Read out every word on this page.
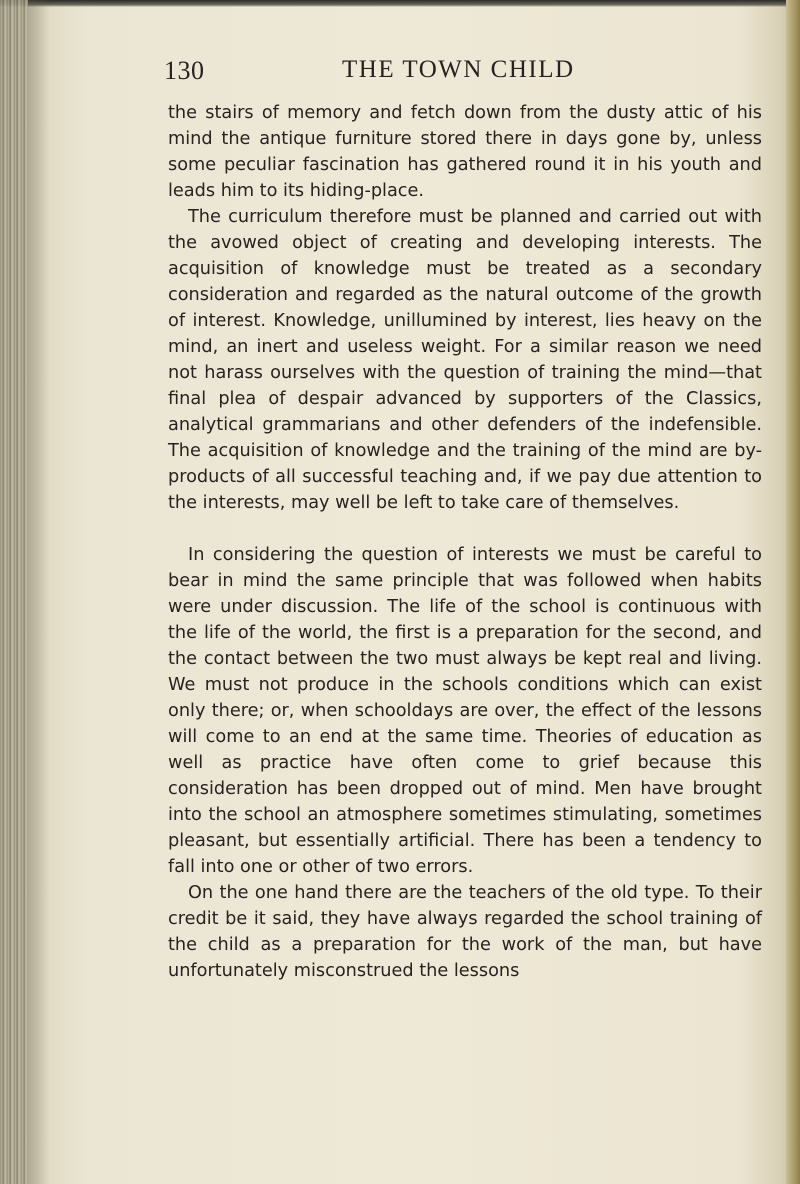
130	THE TOWN CHILD

the stairs of memory and fetch down from the dusty attic of his mind the antique furniture stored there in days gone by, unless some peculiar fascination has gathered round it in his youth and leads him to its hiding-place.

The curriculum therefore must be planned and carried out with the avowed object of creating and developing interests. The acquisition of knowledge must be treated as a secondary consideration and regarded as the natural outcome of the growth of interest. Knowledge, unillumined by interest, lies heavy on the mind, an inert and useless weight. For a similar reason we need not harass ourselves with the question of training the mind—that final plea of despair advanced by supporters of the Classics, analytical grammarians and other defenders of the indefensible. The acquisition of knowledge and the training of the mind are by-products of all successful teaching and, if we pay due attention to the interests, may well be left to take care of themselves.

In considering the question of interests we must be careful to bear in mind the same principle that was followed when habits were under discussion. The life of the school is continuous with the life of the world, the first is a preparation for the second, and the contact between the two must always be kept real and living. We must not produce in the schools conditions which can exist only there; or, when schooldays are over, the effect of the lessons will come to an end at the same time. Theories of education as well as practice have often come to grief because this consideration has been dropped out of mind. Men have brought into the school an atmosphere sometimes stimulating, sometimes pleasant, but essentially artificial. There has been a tendency to fall into one or other of two errors.

On the one hand there are the teachers of the old type. To their credit be it said, they have always regarded the school training of the child as a preparation for the work of the man, but have unfortunately misconstrued the lessons
